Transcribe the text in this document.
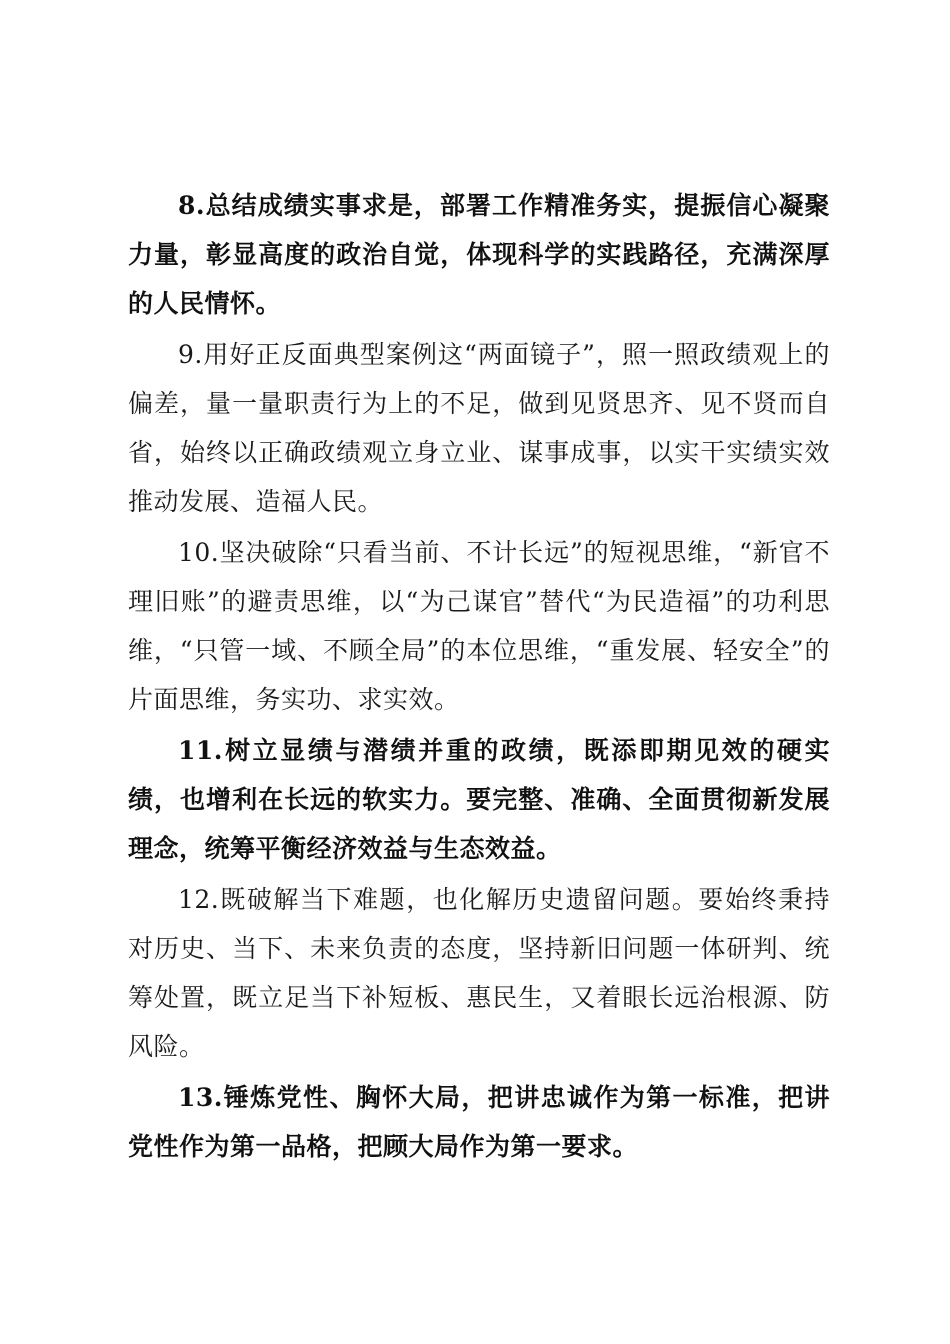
8.总结成绩实事求是，部署工作精准务实，提振信心凝聚力量，彰显高度的政治自觉，体现科学的实践路径，充满深厚的人民情怀。

9.用好正反面典型案例这“两面镜子”，照一照政绩观上的偏差，量一量职责行为上的不足，做到见贤思齐、见不贤而自省，始终以正确政绩观立身立业、谋事成事，以实干实绩实效推动发展、造福人民。

10.坚决破除“只看当前、不计长远”的短视思维，“新官不理旧账”的避责思维，以“为己谋官”替代“为民造福”的功利思维，“只管一域、不顾全局”的本位思维，“重发展、轻安全”的片面思维，务实功、求实效。

11.树立显绩与潜绩并重的政绩，既添即期见效的硬实绩，也增利在长远的软实力。要完整、准确、全面贯彻新发展理念，统筹平衡经济效益与生态效益。

12.既破解当下难题，也化解历史遗留问题。要始终秉持对历史、当下、未来负责的态度，坚持新旧问题一体研判、统筹处置，既立足当下补短板、惠民生，又着眼长远治根源、防风险。

13.锤炼党性、胸怀大局，把讲忠诚作为第一标准，把讲党性作为第一品格，把顾大局作为第一要求。
